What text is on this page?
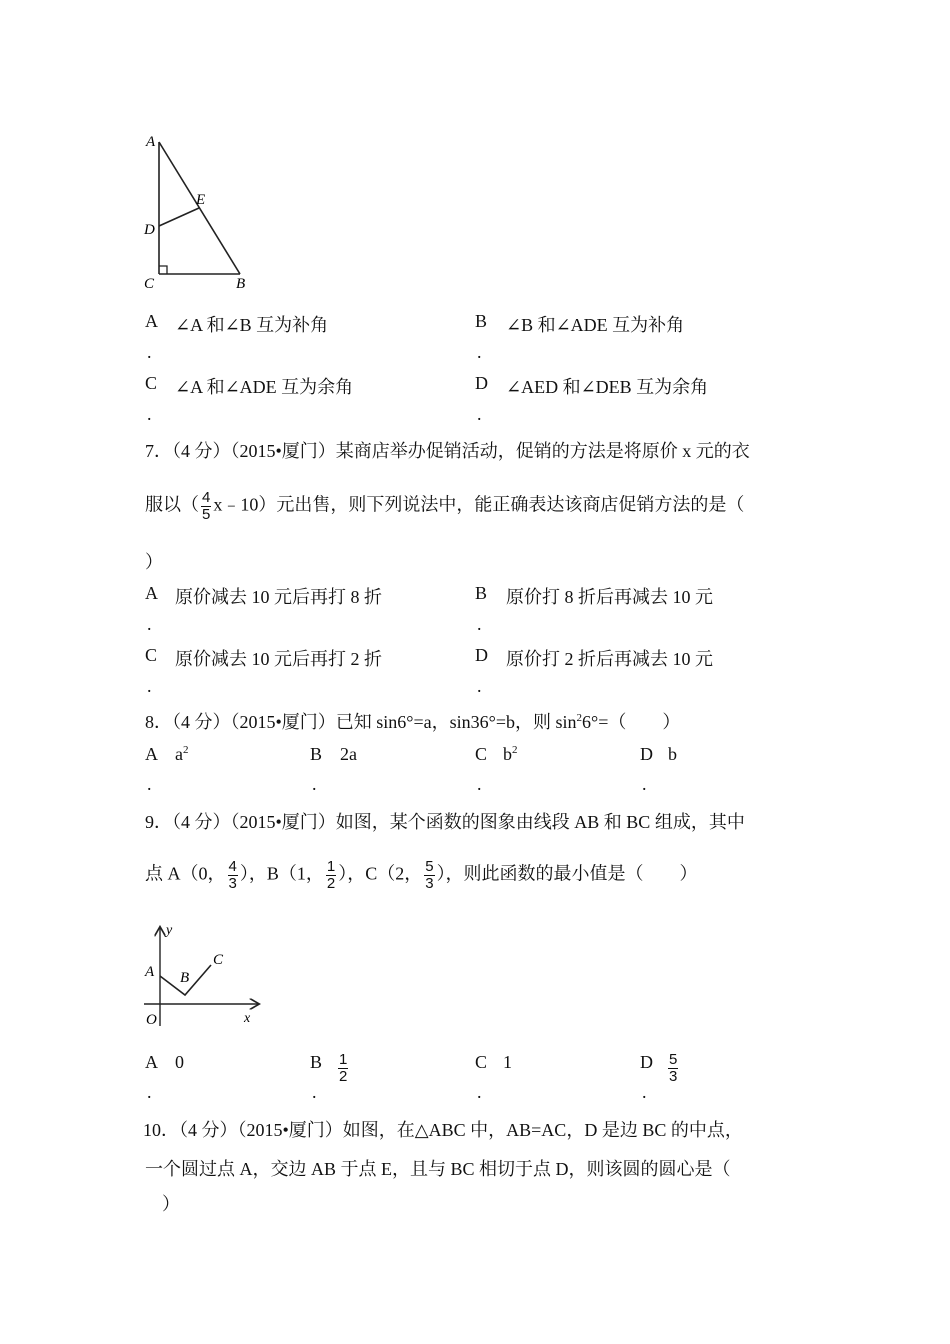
A
E
D
C	B
A ∠A 和∠B 互为补角
.
B ∠B 和∠ADE 互为补角
.
C ∠A 和∠ADE 互为余角
.
D ∠AED 和∠DEB 互为余角
.
7．（4 分）（2015•厦门）某商店举办促销活动，促销的方法是将原价 x 元的衣
服以（ $\frac{4}{5}$ x﹣10）元出售，则下列说法中，能正确表达该商店促销方法的是（
）
A 原价减去 10 元后再打 8 折
.
B 原价打 8 折后再减去 10 元
.
C 原价减去 10 元后再打 2 折
.
D 原价打 2 折后再减去 10 元
.
8．（4 分）（2015•厦门）已知 sin6°=a，sin36°=b，则 $\sin^26^\circ=$（　　）
A $a^2$
.
B 2a
.
C $b^2$
.
D b
.
9．（4 分）（2015•厦门）如图，某个函数的图象由线段 AB 和 BC 组成，其中
点 A（0， $\frac{4}{3}$ ），B（1， $\frac{1}{2}$ ），C（2， $\frac{5}{3}$ ），则此函数的最小值是（　　）
y
x
O
A B
C
A 0
.
B $\frac{1}{2}$
.
C 1
.
D $\frac{5}{3}$
.
10．（4 分）（2015•厦门）如图，在△ABC 中，AB=AC，D 是边 BC 的中点，
一个圆过点 A，交边 AB 于点 E，且与 BC 相切于点 D，则该圆的圆心是（
）
